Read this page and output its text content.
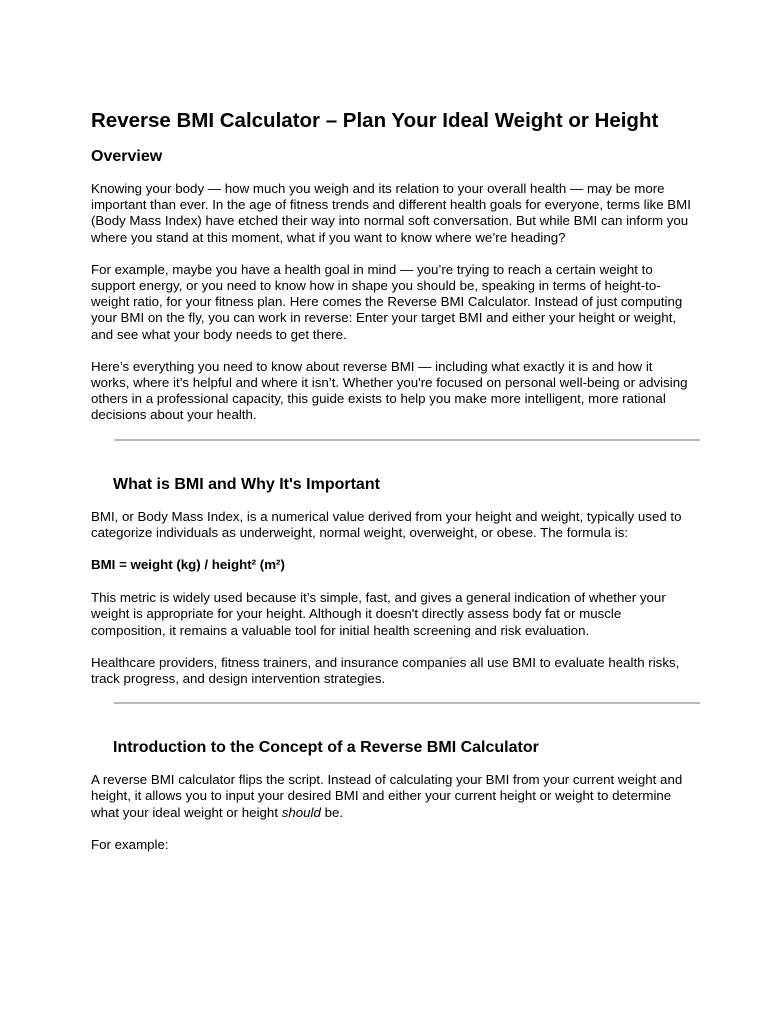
Reverse BMI Calculator – Plan Your Ideal Weight or Height
Overview

Knowing your body — how much you weigh and its relation to your overall health — may be more important than ever. In the age of fitness trends and different health goals for everyone, terms like BMI (Body Mass Index) have etched their way into normal soft conversation. But while BMI can inform you where you stand at this moment, what if you want to know where we’re heading?

For example, maybe you have a health goal in mind — you’re trying to reach a certain weight to support energy, or you need to know how in shape you should be, speaking in terms of height-to-weight ratio, for your fitness plan. Here comes the Reverse BMI Calculator. Instead of just computing your BMI on the fly, you can work in reverse: Enter your target BMI and either your height or weight, and see what your body needs to get there.

Here’s everything you need to know about reverse BMI — including what exactly it is and how it works, where it’s helpful and where it isn’t. Whether you're focused on personal well-being or advising others in a professional capacity, this guide exists to help you make more intelligent, more rational decisions about your health.

What is BMI and Why It's Important

BMI, or Body Mass Index, is a numerical value derived from your height and weight, typically used to categorize individuals as underweight, normal weight, overweight, or obese. The formula is:

BMI = weight (kg) / height² (m²)

This metric is widely used because it’s simple, fast, and gives a general indication of whether your weight is appropriate for your height. Although it doesn't directly assess body fat or muscle composition, it remains a valuable tool for initial health screening and risk evaluation.

Healthcare providers, fitness trainers, and insurance companies all use BMI to evaluate health risks, track progress, and design intervention strategies.

Introduction to the Concept of a Reverse BMI Calculator

A reverse BMI calculator flips the script. Instead of calculating your BMI from your current weight and height, it allows you to input your desired BMI and either your current height or weight to determine what your ideal weight or height should be.

For example:
